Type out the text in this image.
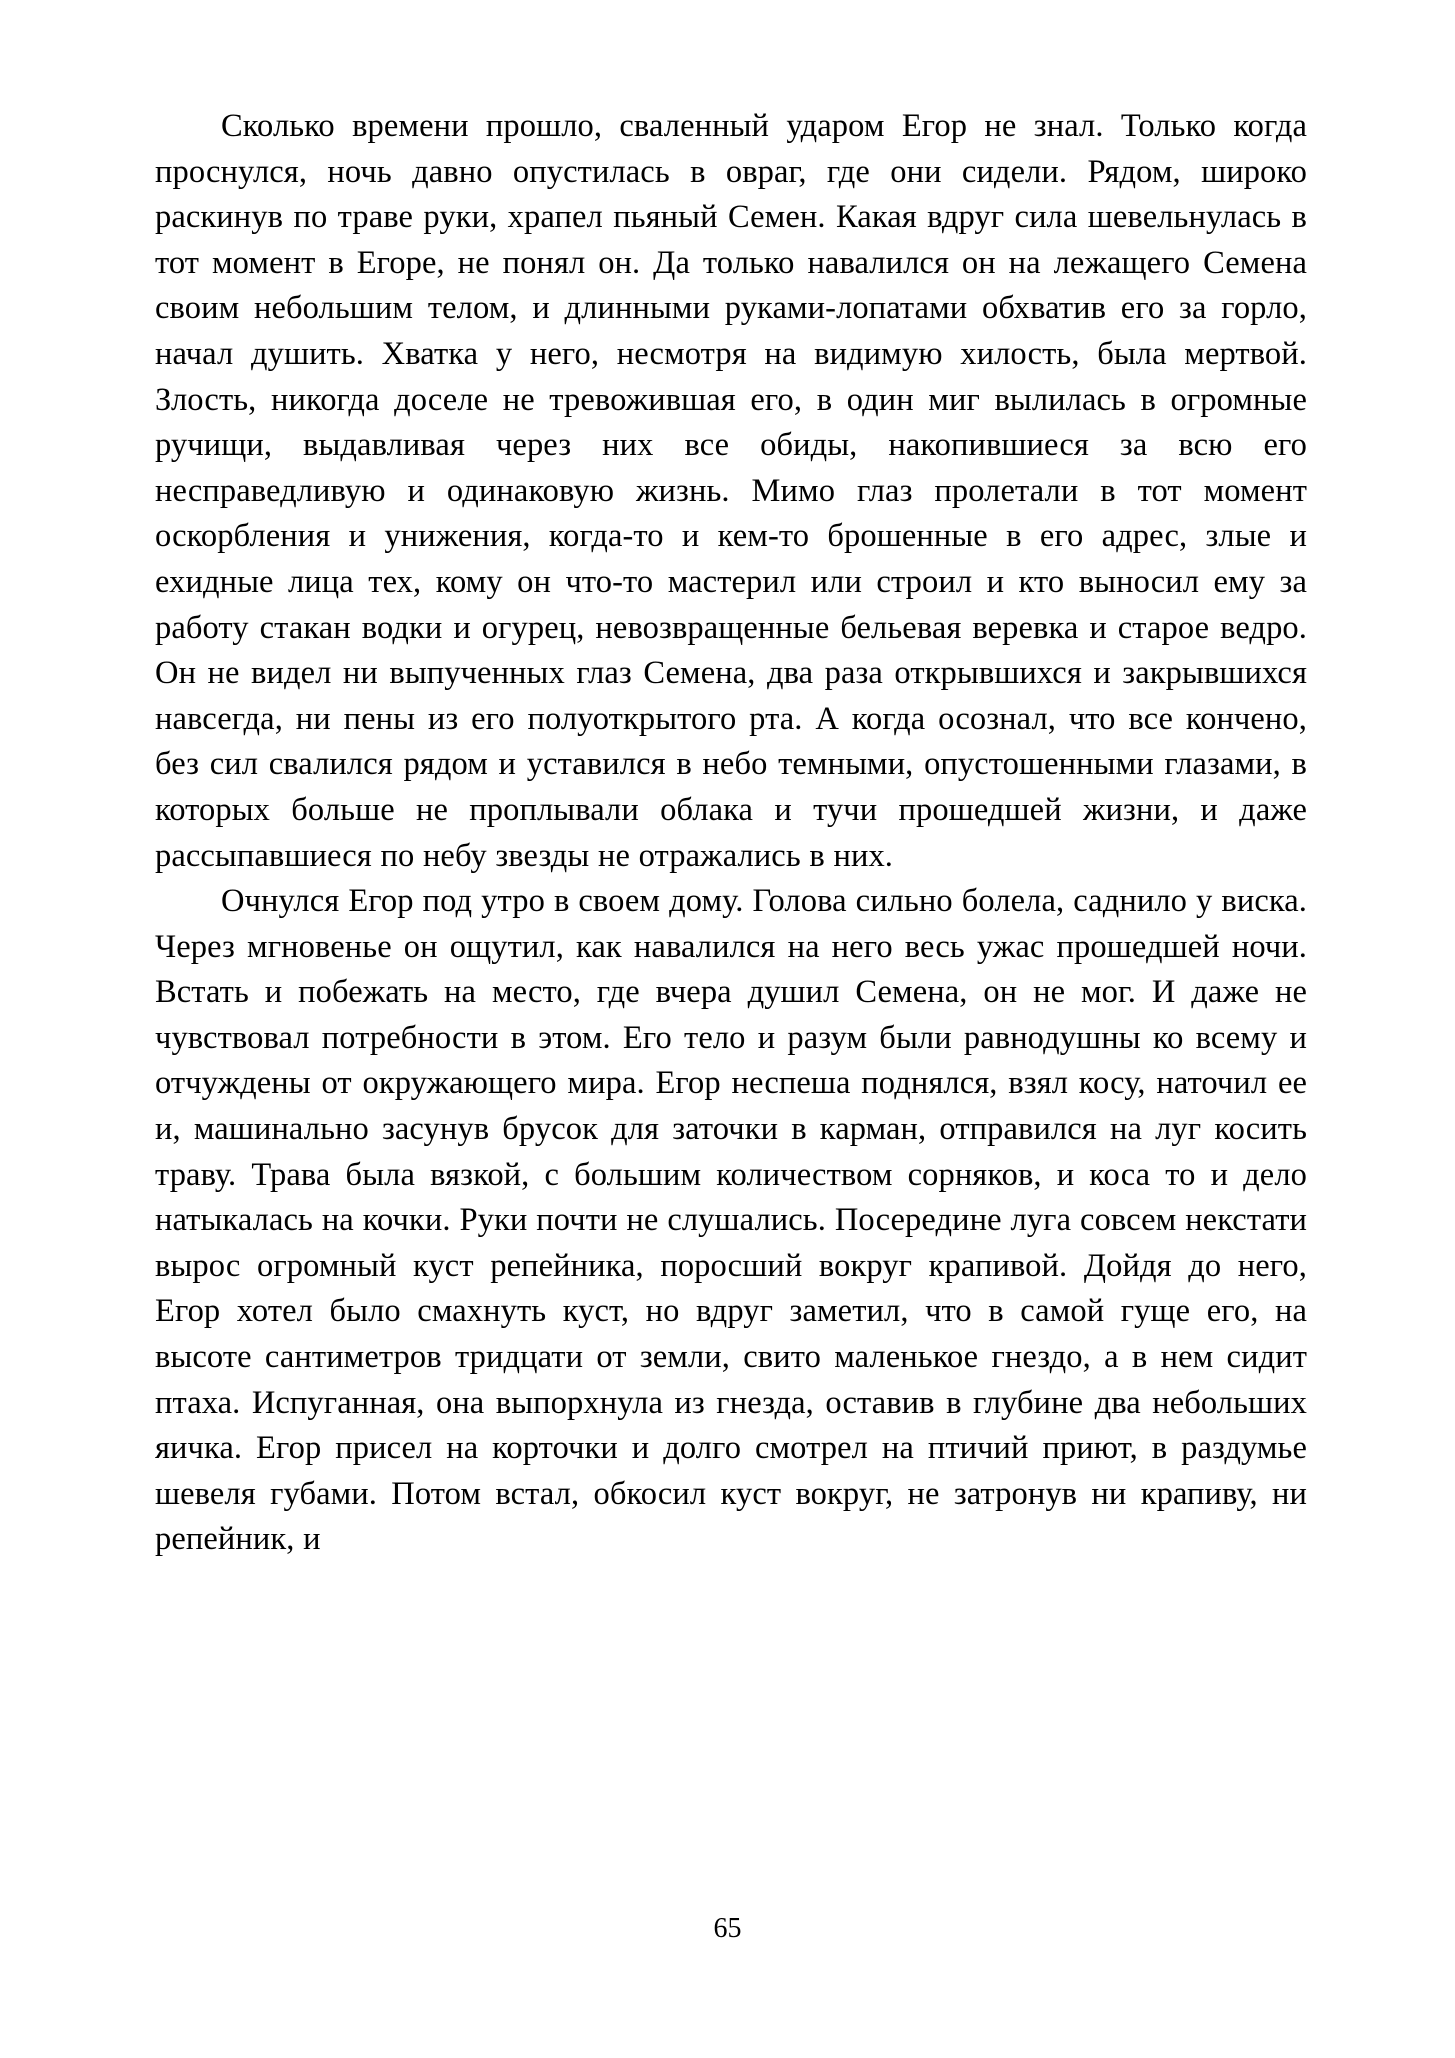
Сколько времени прошло, сваленный ударом Егор не знал. Только когда проснулся, ночь давно опустилась в овраг, где они сидели. Рядом, широко раскинув по траве руки, храпел пьяный Семен. Какая вдруг сила шевельнулась в тот момент в Егоре, не понял он. Да только навалился он на лежащего Семена своим небольшим телом, и длинными руками-лопатами обхватив его за горло, начал душить. Хватка у него, несмотря на видимую хилость, была мертвой. Злость, никогда доселе не тревожившая его, в один миг вылилась в огромные ручищи, выдавливая через них все обиды, накопившиеся за всю его несправедливую и одинаковую жизнь. Мимо глаз пролетали в тот момент оскорбления и унижения, когда-то и кем-то брошенные в его адрес, злые и ехидные лица тех, кому он что-то мастерил или строил и кто выносил ему за работу стакан водки и огурец, невозвращенные бельевая веревка и старое ведро. Он не видел ни выпученных глаз Семена, два раза открывшихся и закрывшихся навсегда, ни пены из его полуоткрытого рта. А когда осознал, что все кончено, без сил свалился рядом и уставился в небо темными, опустошенными глазами, в которых больше не проплывали облака и тучи прошедшей жизни, и даже рассыпавшиеся по небу звезды не отражались в них.

Очнулся Егор под утро в своем дому. Голова сильно болела, саднило у виска. Через мгновенье он ощутил, как навалился на него весь ужас прошедшей ночи. Встать и побежать на место, где вчера душил Семена, он не мог. И даже не чувствовал потребности в этом. Его тело и разум были равнодушны ко всему и отчуждены от окружающего мира. Егор неспеша поднялся, взял косу, наточил ее и, машинально засунув брусок для заточки в карман, отправился на луг косить траву. Трава была вязкой, с большим количеством сорняков, и коса то и дело натыкалась на кочки. Руки почти не слушались. Посередине луга совсем некстати вырос огромный куст репейника, поросший вокруг крапивой. Дойдя до него, Егор хотел было смахнуть куст, но вдруг заметил, что в самой гуще его, на высоте сантиметров тридцати от земли, свито маленькое гнездо, а в нем сидит птаха. Испуганная, она выпорхнула из гнезда, оставив в глубине два небольших яичка. Егор присел на корточки и долго смотрел на птичий приют, в раздумье шевеля губами. Потом встал, обкосил куст вокруг, не затронув ни крапиву, ни репейник, и

65
